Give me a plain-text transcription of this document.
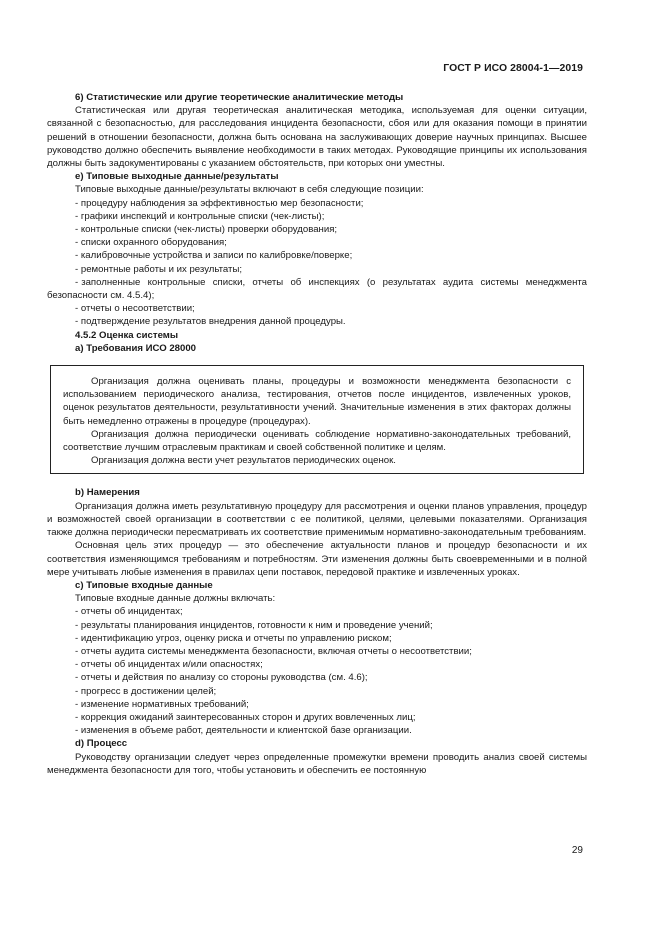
ГОСТ Р ИСО 28004-1—2019

6) Статистические или другие теоретические аналитические методы

Статистическая или другая теоретическая аналитическая методика, используемая для оценки ситуации, связанной с безопасностью, для расследования инцидента безопасности, сбоя или для оказания помощи в принятии решений в отношении безопасности, должна быть основана на заслуживающих доверие научных принципах. Высшее руководство должно обеспечить выявление необходимости в таких методах. Руководящие принципы их использования должны быть задокументированы с указанием обстоятельств, при которых они уместны.

е) Типовые выходные данные/результаты

Типовые выходные данные/результаты включают в себя следующие позиции:

- процедуру наблюдения за эффективностью мер безопасности;

- графики инспекций и контрольные списки (чек-листы);

- контрольные списки (чек-листы) проверки оборудования;

- списки охранного оборудования;

- калибровочные устройства и записи по калибровке/поверке;

- ремонтные работы и их результаты;

- заполненные контрольные списки, отчеты об инспекциях (о результатах аудита системы менеджмента безопасности см. 4.5.4);

- отчеты о несоответствии;

- подтверждение результатов внедрения данной процедуры.

4.5.2 Оценка системы

а) Требования ИСО 28000

Организация должна оценивать планы, процедуры и возможности менеджмента безопасности с использованием периодического анализа, тестирования, отчетов после инцидентов, извлеченных уроков, оценок результатов деятельности, результативности учений. Значительные изменения в этих факторах должны быть немедленно отражены в процедуре (процедурах).

Организация должна периодически оценивать соблюдение нормативно-законодательных требований, соответствие лучшим отраслевым практикам и своей собственной политике и целям.

Организация должна вести учет результатов периодических оценок.

b) Намерения

Организация должна иметь результативную процедуру для рассмотрения и оценки планов управления, процедур и возможностей своей организации в соответствии с ее политикой, целями, целевыми показателями. Организация также должна периодически пересматривать их соответствие применимым нормативно-законодательным требованиям.

Основная цель этих процедур — это обеспечение актуальности планов и процедур безопасности и их соответствия изменяющимся требованиям и потребностям. Эти изменения должны быть своевременными и в полной мере учитывать любые изменения в правилах цепи поставок, передовой практике и извлеченных уроках.

c) Типовые входные данные

Типовые входные данные должны включать:

- отчеты об инцидентах;

- результаты планирования инцидентов, готовности к ним и проведение учений;

- идентификацию угроз, оценку риска и отчеты по управлению риском;

- отчеты аудита системы менеджмента безопасности, включая отчеты о несоответствии;

- отчеты об инцидентах и/или опасностях;

- отчеты и действия по анализу со стороны руководства (см. 4.6);

- прогресс в достижении целей;

- изменение нормативных требований;

- коррекция ожиданий заинтересованных сторон и других вовлеченных лиц;

- изменения в объеме работ, деятельности и клиентской базе организации.

d) Процесс

Руководству организации следует через определенные промежутки времени проводить анализ своей системы менеджмента безопасности для того, чтобы установить и обеспечить ее постоянную

29
